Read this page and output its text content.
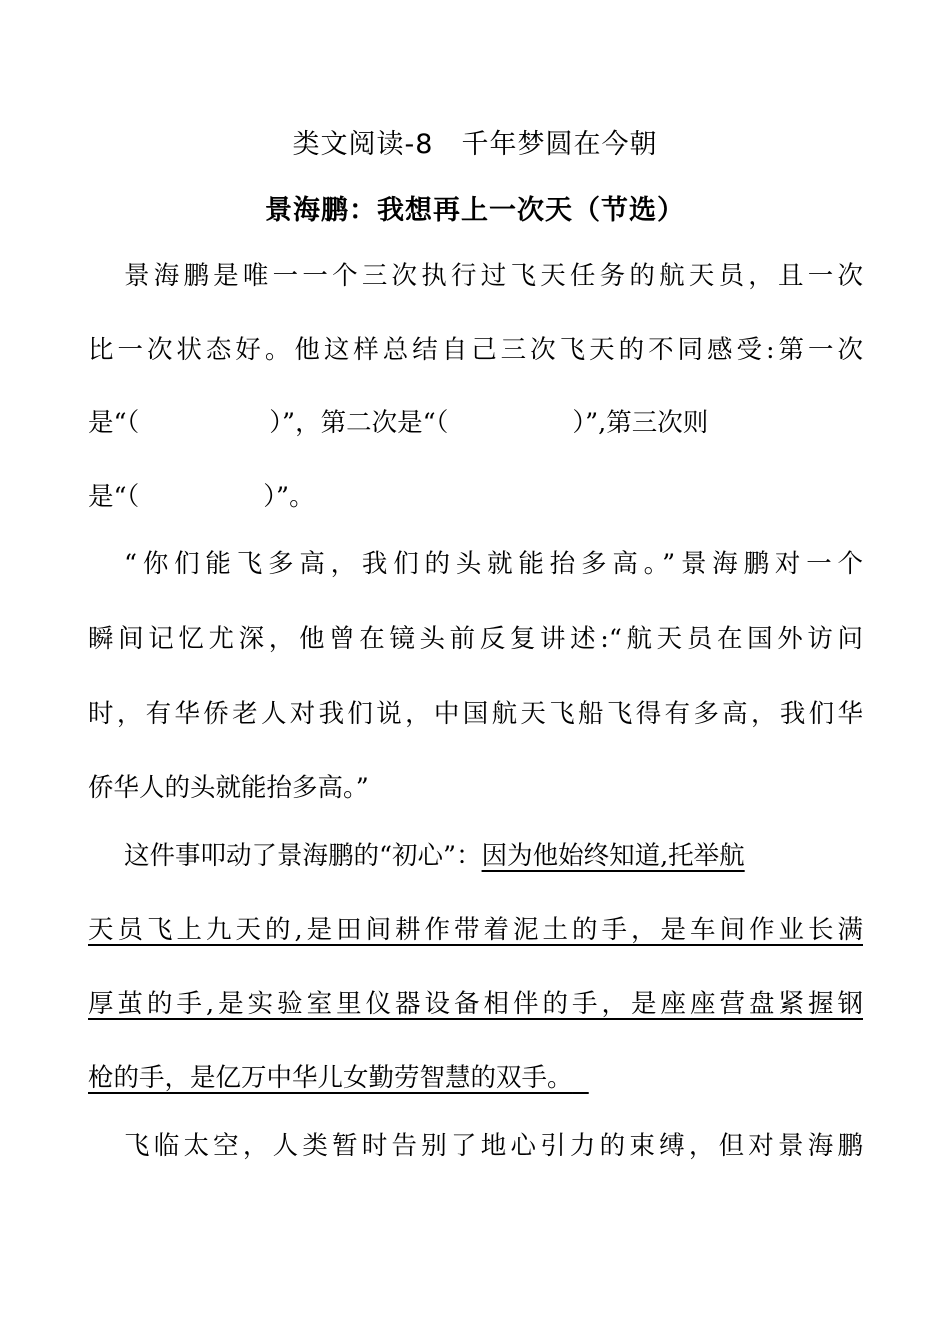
类文阅读-8 千年梦圆在今朝
景海鹏：我想再上一次天（节选）
景海鹏是唯一一个三次执行过飞天任务的航天员，且一次
比一次状态好。他这样总结自己三次飞天的不同感受:第一次
是“（	）”，第二次是“（	）”,第三次则
是“（	）”。
“你们能飞多高，我们的头就能抬多高。”景海鹏对一个
瞬间记忆尤深，他曾在镜头前反复讲述:“航天员在国外访问
时，有华侨老人对我们说，中国航天飞船飞得有多高，我们华
侨华人的头就能抬多高。”
这件事叩动了景海鹏的“初心”：因为他始终知道,托举航
天员飞上九天的,是田间耕作带着泥土的手，是车间作业长满
厚茧的手,是实验室里仪器设备相伴的手，是座座营盘紧握钢
枪的手，是亿万中华儿女勤劳智慧的双手。
飞临太空，人类暂时告别了地心引力的束缚，但对景海鹏
